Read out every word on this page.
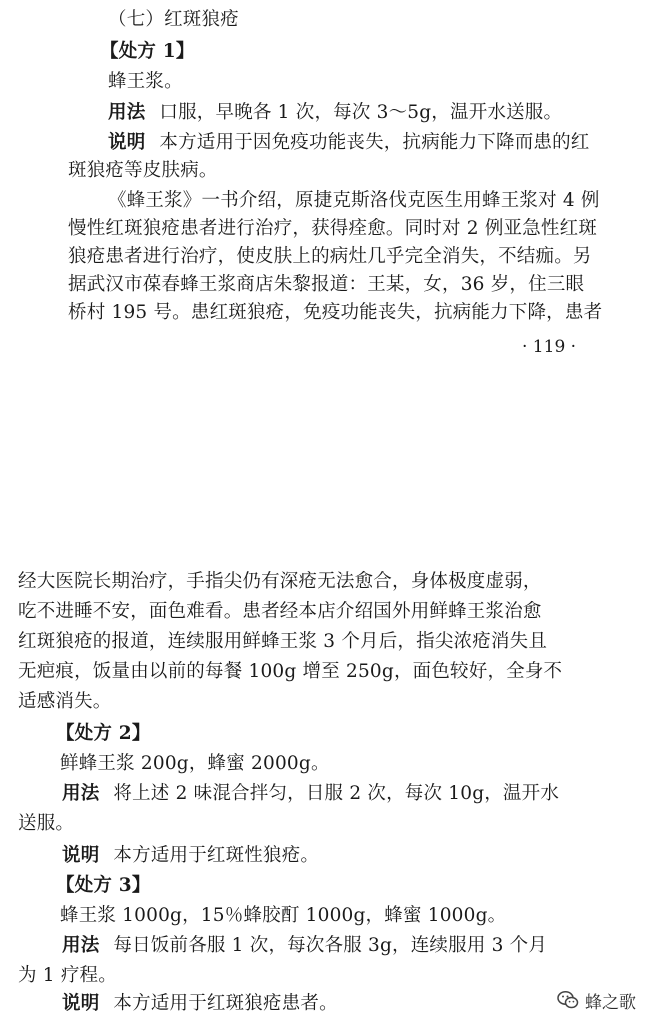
（七）红斑狼疮
【处方 1】
蜂王浆。
用法 口服，早晚各 1 次，每次 3～5g，温开水送服。
说明 本方适用于因免疫功能丧失，抗病能力下降而患的红
斑狼疮等皮肤病。
《蜂王浆》一书介绍，原捷克斯洛伐克医生用蜂王浆对 4 例
慢性红斑狼疮患者进行治疗，获得痊愈。同时对 2 例亚急性红斑
狼疮患者进行治疗，使皮肤上的病灶几乎完全消失，不结痂。另
据武汉市葆春蜂王浆商店朱黎报道：王某，女，36 岁，住三眼
桥村 195 号。患红斑狼疮，免疫功能丧失，抗病能力下降，患者
· 119 ·
经大医院长期治疗，手指尖仍有深疮无法愈合，身体极度虚弱，
吃不进睡不安，面色难看。患者经本店介绍国外用鲜蜂王浆治愈
红斑狼疮的报道，连续服用鲜蜂王浆 3 个月后，指尖浓疮消失且
无疤痕，饭量由以前的每餐 100g 增至 250g，面色较好，全身不
适感消失。
【处方 2】
鲜蜂王浆 200g，蜂蜜 2000g。
用法 将上述 2 味混合拌匀，日服 2 次，每次 10g，温开水
送服。
说明 本方适用于红斑性狼疮。
【处方 3】
蜂王浆 1000g，15％蜂胶酊 1000g，蜂蜜 1000g。
用法 每日饭前各服 1 次，每次各服 3g，连续服用 3 个月
为 1 疗程。
说明 本方适用于红斑狼疮患者。	蜂之歌
